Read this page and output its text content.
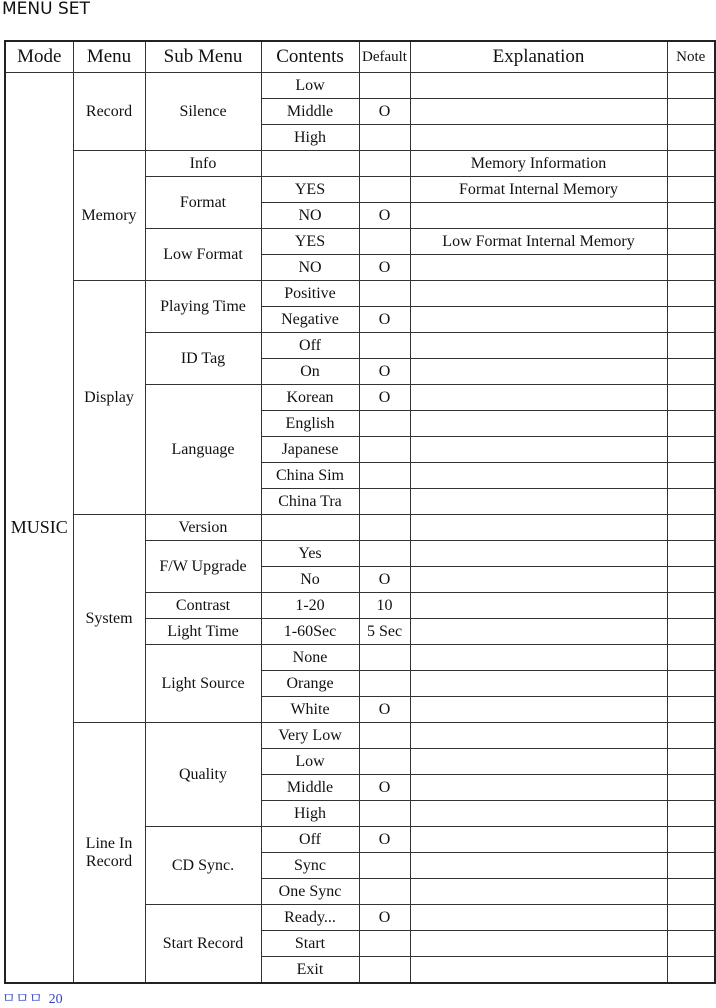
MENU SET
Mode	Menu	Sub Menu	Contents	Default	Explanation	Note
MUSIC	Record	Silence	Low			
			Middle	O		
			High			
	Memory	Info			Memory Information	
		Format	YES		Format Internal Memory	
			NO	O		
		Low Format	YES		Low Format Internal Memory	
			NO	O		
	Display	Playing Time	Positive			
			Negative	O		
		ID Tag	Off			
			On	O		
		Language	Korean	O		
			English			
			Japanese			
			China Sim			
			China Tra			
	System	Version				
		F/W Upgrade	Yes			
			No	O		
		Contrast	1-20	10		
		Light Time	1-60Sec	5 Sec		
		Light Source	None			
			Orange			
			White	O		
	Line In Record	Quality	Very Low			
			Low			
			Middle	O		
			High			
		CD Sync.	Off	O		
			Sync			
			One Sync			
		Start Record	Ready...	O		
			Start			
			Exit			
ㅁㅁㅁ 20
